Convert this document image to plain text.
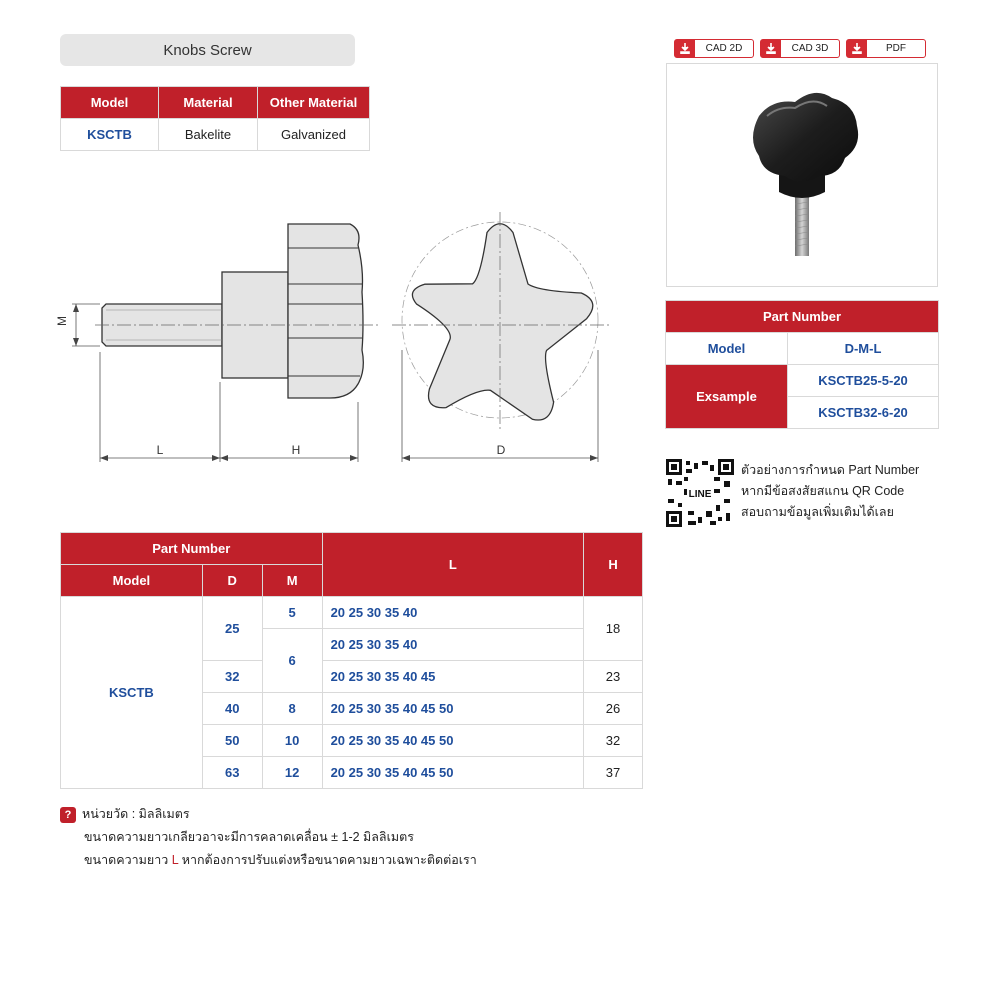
Knobs Screw
Model	Material	Other Material
KSCTB	Bakelite	Galvanized
CAD 2D	CAD 3D	PDF
Part Number	
Model	D-M-L
Exsample	KSCTB25-5-20
	KSCTB32-6-20
LINE
ตัวอย่างการกำหนด Part Number
หากมีข้อสงสัยสแกน QR Code
สอบถามข้อมูลเพิ่มเติมได้เลย
M
L	H	D
Part Number			L	H
Model	D	M		
KSCTB	25	5	20 25 30 35 40	18
		6	20 25 30 35 40	
	32		20 25 30 35 40 45	23
	40	8	20 25 30 35 40 45 50	26
	50	10	20 25 30 35 40 45 50	32
	63	12	20 25 30 35 40 45 50	37
? หน่วยวัด : มิลลิเมตร
ขนาดความยาวเกลียวอาจะมีการคลาดเคลื่อน ± 1-2 มิลลิเมตร
ขนาดความยาว L หากต้องการปรับแต่งหรือขนาดคามยาวเฉพาะติดต่อเรา
